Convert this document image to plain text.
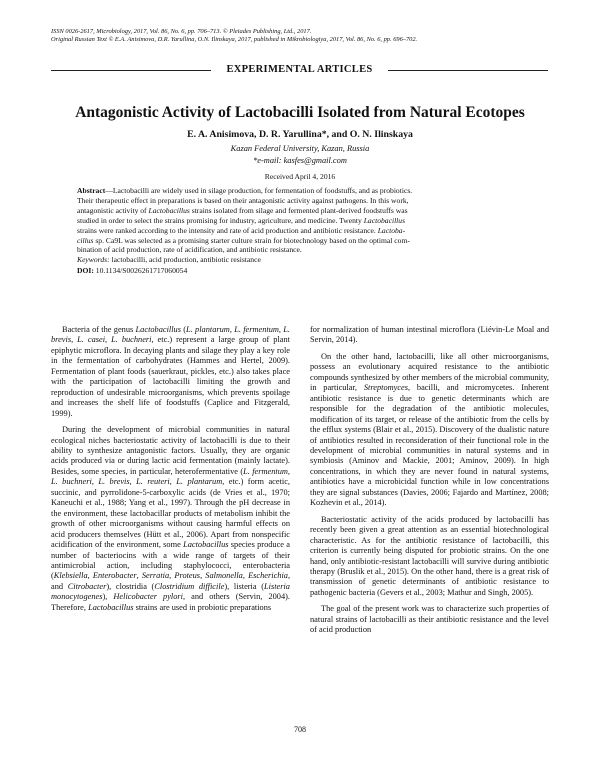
ISSN 0026-2617, Microbiology, 2017, Vol. 86, No. 6, pp. 706–713. © Pleiades Publishing, Ltd., 2017.
Original Russian Text © E.A. Anisimova, D.R. Yarullina, O.N. Ilinskaya, 2017, published in Mikrobiologiya, 2017, Vol. 86, No. 6, pp. 696–702.
EXPERIMENTAL ARTICLES
Antagonistic Activity of Lactobacilli Isolated from Natural Ecotopes
E. A. Anisimova, D. R. Yarullina*, and O. N. Ilinskaya
Kazan Federal University, Kazan, Russia
*e-mail: kasfes@gmail.com
Received April 4, 2016
Abstract—Lactobacilli are widely used in silage production, for fermentation of foodstuffs, and as probiotics.
Their therapeutic effect in preparations is based on their antagonistic activity against pathogens. In this work,
antagonistic activity of Lactobacillus strains isolated from silage and fermented plant-derived foodstuffs was
studied in order to select the strains promising for industry, agriculture, and medicine. Twenty Lactobacillus
strains were ranked according to the intensity and rate of acid production and antibiotic resistance. Lactoba-
cillus sp. Ca9L was selected as a promising starter culture strain for biotechnology based on the optimal com-
bination of acid production, rate of acidification, and antibiotic resistance.
Keywords: lactobacilli, acid production, antibiotic resistance
DOI: 10.1134/S0026261717060054

Bacteria of the genus Lactobacillus (L. plantarum, L. fermentum, L. brevis, L. casei, L. buchneri, etc.) represent a large group of plant epiphytic microflora. In decaying plants and silage they play a key role in the fermentation of carbohydrates (Hammes and Hertel, 2009). Fermentation of plant foods (sauerkraut, pickles, etc.) also takes place with the participation of lactobacilli limiting the growth and reproduction of undesirable microorganisms, which prevents spoilage and increases the shelf life of foodstuffs (Caplice and Fitzgerald, 1999).

During the development of microbial communities in natural ecological niches bacteriostatic activity of lactobacilli is due to their ability to synthesize antagonistic factors. Usually, they are organic acids produced via or during lactic acid fermentation (mainly lactate). Besides, some species, in particular, heterofermentative (L. fermentum, L. buchneri, L. brevis, L. reuteri, L. plantarum, etc.) form acetic, succinic, and pyrrolidone-5-carboxylic acids (de Vries et al., 1970; Kaneuchi et al., 1988; Yang et al., 1997). Through the pH decrease in the environment, these lactobacillar products of metabolism inhibit the growth of other microorganisms without causing harmful effects on acid producers themselves (Hütt et al., 2006). Apart from nonspecific acidification of the environment, some Lactobacillus species produce a number of bacteriocins with a wide range of targets of their antimicrobial action, including staphylococci, enterobacteria (Klebsiella, Enterobacter, Serratia, Proteus, Salmonella, Escherichia, and Citrobacter), clostridia (Clostridium difficile), listeria (Listeria monocytogenes), Helicobacter pylori, and others (Servin, 2004). Therefore, Lactobacillus strains are used in probiotic preparations

for normalization of human intestinal microflora (Liévin-Le Moal and Servin, 2014).

On the other hand, lactobacilli, like all other microorganisms, possess an evolutionary acquired resistance to the antibiotic compounds synthesized by other members of the microbial community, in particular, Streptomyces, bacilli, and micromycetes. Inherent antibiotic resistance is due to genetic determinants which are responsible for the degradation of the antibiotic molecules, modification of its target, or release of the antibiotic from the cells by the efflux systems (Blair et al., 2015). Discovery of the dualistic nature of antibiotics resulted in reconsideration of their functional role in the development of microbial communities in natural systems and in symbiosis (Aminov and Mackie, 2001; Aminov, 2009). In high concentrations, in which they are never found in natural systems, antibiotics have a microbicidal function while in low concentrations they are signal substances (Davies, 2006; Fajardo and Martínez, 2008; Kozhevin et al., 2014).

Bacteriostatic activity of the acids produced by lactobacilli has recently been given a great attention as an essential biotechnological characteristic. As for the antibiotic resistance of lactobacilli, this criterion is currently being disputed for probiotic strains. On the one hand, only antibiotic-resistant lactobacilli will survive during antibiotic therapy (Bruslik et al., 2015). On the other hand, there is a great risk of transmission of genetic determinants of antibiotic resistance to pathogenic bacteria (Gevers et al., 2003; Mathur and Singh, 2005).

The goal of the present work was to characterize such properties of natural strains of lactobacilli as their antibiotic resistance and the level of acid production

708
